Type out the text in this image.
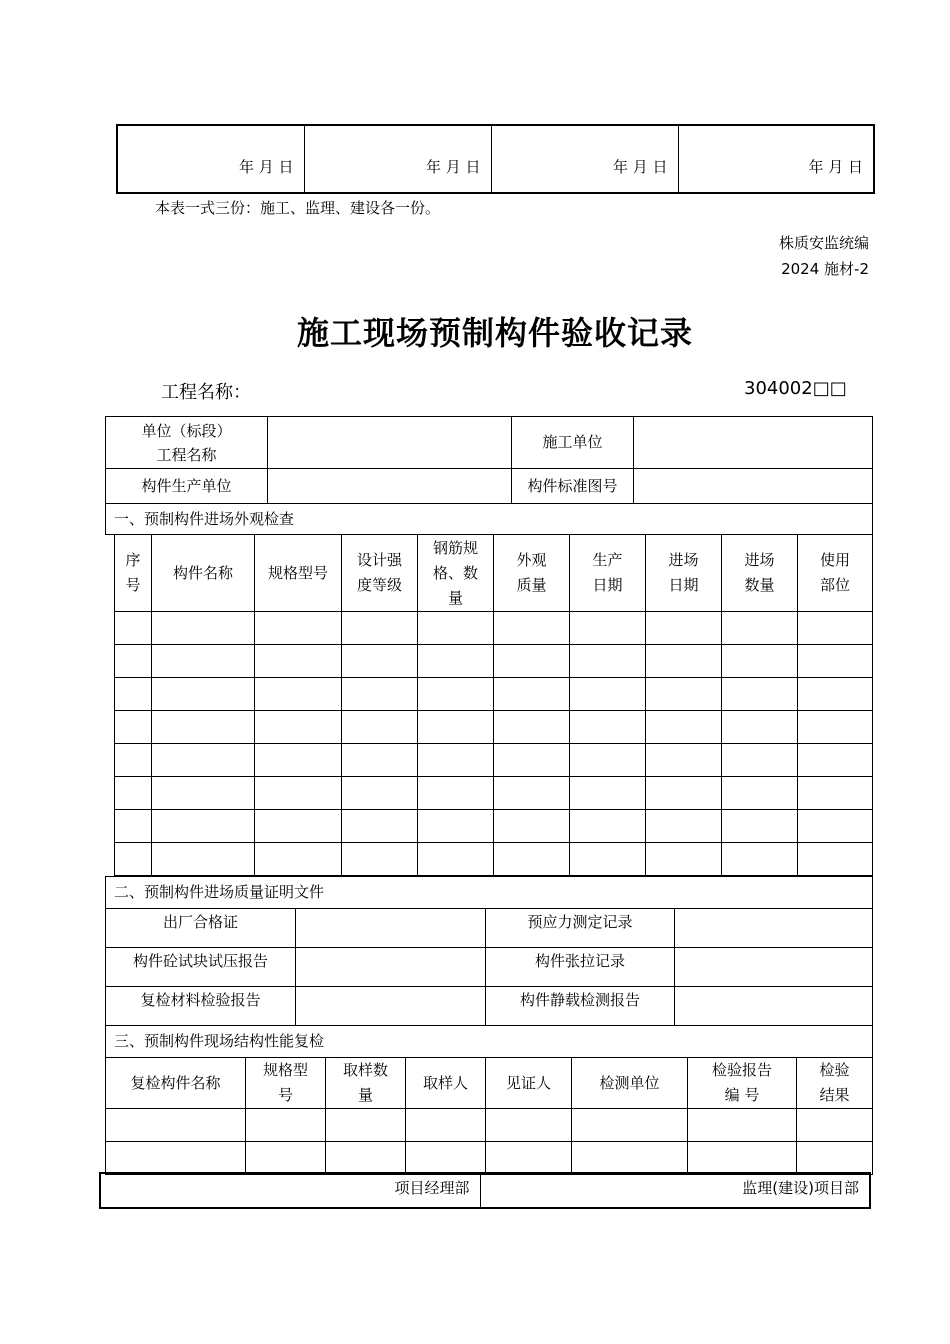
年 月 日	年 月 日	年 月 日	年 月 日
本表一式三份：施工、监理、建设各一份。
株质安监统编
2024 施材-2
施工现场预制构件验收记录
工程名称：	304002□□
单位（标段）工程名称		施工单位	
构件生产单位		构件标准图号	
一、预制构件进场外观检查			
序号	构件名称	规格型号	设计强度等级	钢筋规格、数量	外观质量	生产日期	进场日期	进场数量	使用部位

二、预制构件进场质量证明文件			
出厂合格证		预应力测定记录	
构件砼试块试压报告		构件张拉记录	
复检材料检验报告		构件静载检测报告	
三、预制构件现场结构性能复检			
复检构件名称	规格型号	取样数量	取样人	见证人	检测单位	检验报告编 号	检验结果

项目经理部	监理(建设)项目部
